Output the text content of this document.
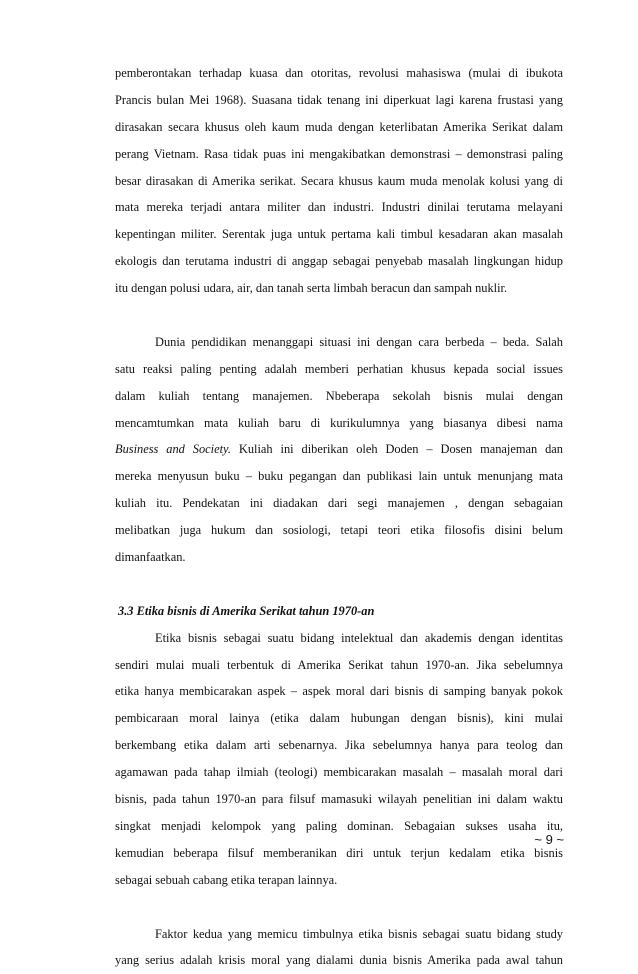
pemberontakan terhadap kuasa dan otoritas, revolusi mahasiswa (mulai di ibukota
Prancis bulan Mei 1968). Suasana tidak tenang ini diperkuat lagi karena frustasi yang
dirasakan secara khusus oleh kaum muda dengan keterlibatan Amerika Serikat dalam
perang Vietnam. Rasa tidak puas ini mengakibatkan demonstrasi – demonstrasi paling
besar dirasakan di Amerika serikat. Secara khusus kaum muda menolak kolusi yang di
mata mereka terjadi antara militer dan industri. Industri dinilai terutama melayani
kepentingan militer. Serentak juga untuk pertama kali timbul kesadaran akan masalah
ekologis dan terutama industri di anggap sebagai penyebab masalah lingkungan hidup
itu dengan polusi udara, air, dan tanah serta limbah beracun dan sampah nuklir.
Dunia pendidikan menanggapi situasi ini dengan cara berbeda – beda. Salah
satu reaksi paling penting adalah memberi perhatian khusus kepada social issues
dalam kuliah tentang manajemen. Nbeberapa sekolah bisnis mulai dengan
mencamtumkan mata kuliah baru di kurikulumnya yang biasanya dibesi nama
Business and Society. Kuliah ini diberikan oleh Doden – Dosen manajeman dan
mereka menyusun buku – buku pegangan dan publikasi lain untuk menunjang mata
kuliah itu. Pendekatan ini diadakan dari segi manajemen , dengan sebagaian
melibatkan juga hukum dan sosiologi, tetapi teori etika filosofis disini belum
dimanfaatkan.
3.3 Etika bisnis di Amerika Serikat tahun 1970-an
Etika bisnis sebagai suatu bidang intelektual dan akademis dengan identitas
sendiri mulai muali terbentuk di Amerika Serikat tahun 1970-an. Jika sebelumnya
etika hanya membicarakan aspek – aspek moral dari bisnis di samping banyak pokok
pembicaraan moral lainya (etika dalam hubungan dengan bisnis), kini mulai
berkembang etika dalam arti sebenarnya. Jika sebelumnya hanya para teolog dan
agamawan pada tahap ilmiah (teologi) membicarakan masalah – masalah moral dari
bisnis, pada tahun 1970-an para filsuf mamasuki wilayah penelitian ini dalam waktu
singkat menjadi kelompok yang paling dominan. Sebagaian sukses usaha itu,
kemudian beberapa filsuf memberanikan diri untuk terjun kedalam etika bisnis
sebagai sebuah cabang etika terapan lainnya.
Faktor kedua yang memicu timbulnya etika bisnis sebagai suatu bidang study
yang serius adalah krisis moral yang dialami dunia bisnis Amerika pada awal tahun
~ 9 ~
